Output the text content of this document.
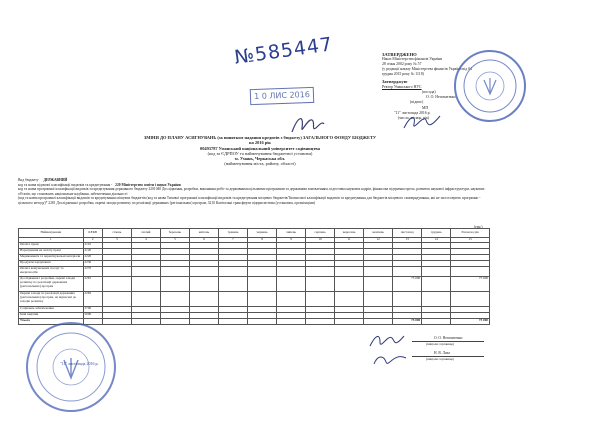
№585447
1 0 ЛИС 2016
ЗАТВЕРДЖЕНО
Наказ Міністерства фінансів України
28 січня 2002 року № 57
(у редакції наказу Міністерства фінансів України від 04
грудня 2015 року № 1118)
Затверджую
Ректор Уманського НУС
(посада)
О. О. Непочатенко
(підпис)
МП
"11" листопада 2016 р.
(число, місяць, рік)
ЗМІНИ ДО ПЛАНУ АСИГНУВАНЬ (за винятком надання кредитів з бюджету) ЗАГАЛЬНОГО ФОНДУ БЮДЖЕТУ
на 2016 рік
00493787 Уманський національний університет садівництва
(код за ЄДРПОУ та найменування бюджетної установи)
м. Умань, Черкаська обл.
(найменування міста, району, області)
Вид бюджету ДЕРЖАВНИЙ
код та назва відомчої класифікації видатків та кредитування - 220 Міністерство освіти і науки України
код та назва програмної класифікації видатків та кредитування державного бюджету 2201040 Дослідження, розробки, виконання робіт за державними цільовими програмами та державним замовленням, підготовка наукових кадрів, фінансова підтримка преси, розвиток наукової інфраструктури, наукових об'єктів, що становлять національне надбання, забезпечення діяльності
(код та назва програмної класифікації видатків та кредитування місцевих бюджетів (код та назва Типової програмної класифікації видатків та кредитування місцевих бюджетів/Тимчасової класифікації видатків та кредитування для бюджетів місцевого самоврядування, які не застосовують програмно - цільового методу)* 2281 Дослідження і розробки, окремі заходи розвитку по реалізації державних (регіональних) програм, 3210 Капітальні трансферти підприємствам (установам, організаціям)
(грн.)
Найменування	КЕКВ	січень	лютий	березень	квітень	травень	червень	липень	серпень	вересень	жовтень	листопад	грудень	Разом на рік
1	2	3	4	5	6	7	8	9	10	11	12	13	14	15
Оплата праці	2110													
Нарахування на оплату праці	2120													
Медикаменти та перев'язувальні матеріали	2220													
Продукти харчування	2230													
Оплата комунальних послуг та енергоносіїв	2270													
Дослідження і розробки, окремі заходи розвитку по реалізації державних (регіональних) програм	2281											75 000		75 000
Окремі заходи по реалізації державних (регіональних) програм, не віднесені до заходів розвитку	2282													
Соціальне забезпечення	2700													
Інші видатки	5000													
Усього												75 000		75 000
"11" листопада 2016 р.
О. О. Непочатенко
(ініціали і прізвище)
Н. В. Ляха
(ініціали і прізвище)
